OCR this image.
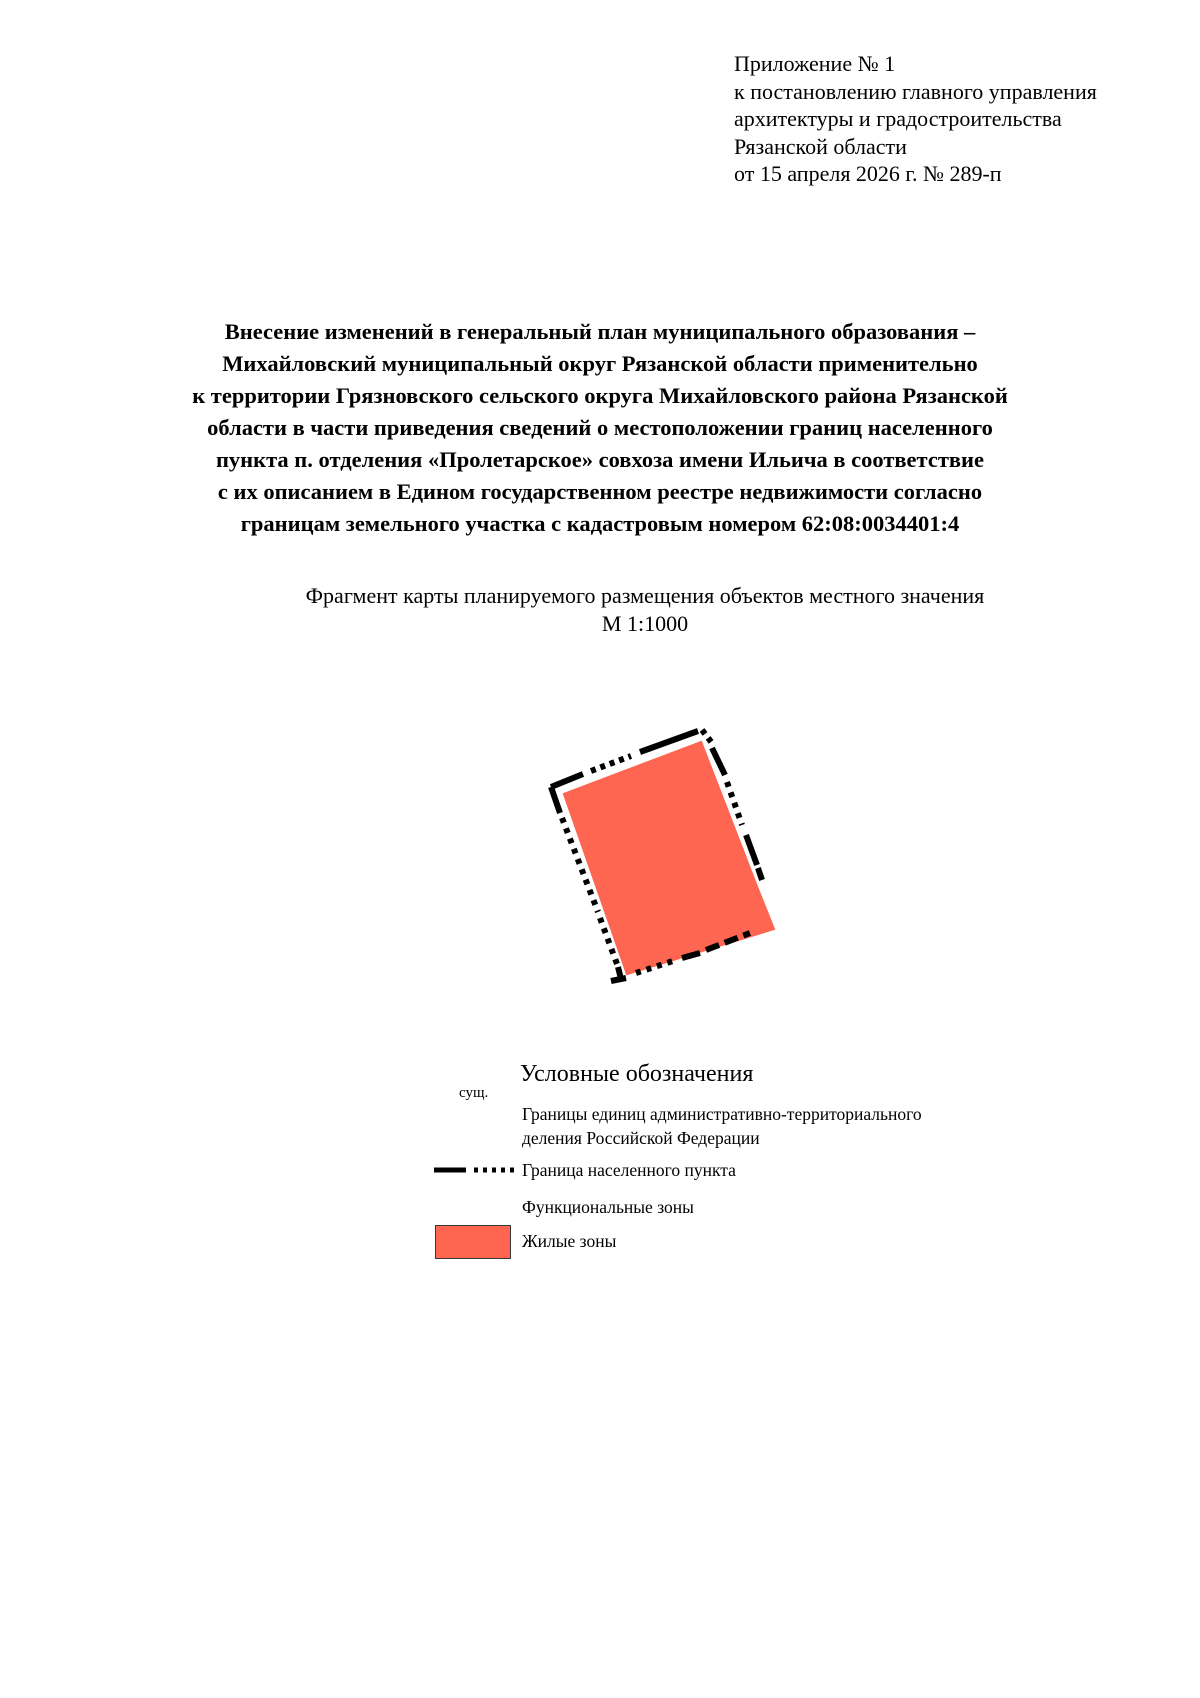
Приложение № 1
к постановлению главного управления
архитектуры и градостроительства
Рязанской области
от 15 апреля 2026 г. № 289-п
Внесение изменений в генеральный план муниципального образования –
Михайловский муниципальный округ Рязанской области применительно
к территории Грязновского сельского округа Михайловского района Рязанской
области в части приведения сведений о местоположении границ населенного
пункта п. отделения «Пролетарское» совхоза имени Ильича в соответствие
с их описанием в Едином государственном реестре недвижимости согласно
границам земельного участка с кадастровым номером 62:08:0034401:4
Фрагмент карты планируемого размещения объектов местного значения
М 1:1000
Условные обозначения
сущ.
Границы единиц административно-территориального
деления Российской Федерации
Граница населенного пункта
Функциональные зоны
Жилые зоны
